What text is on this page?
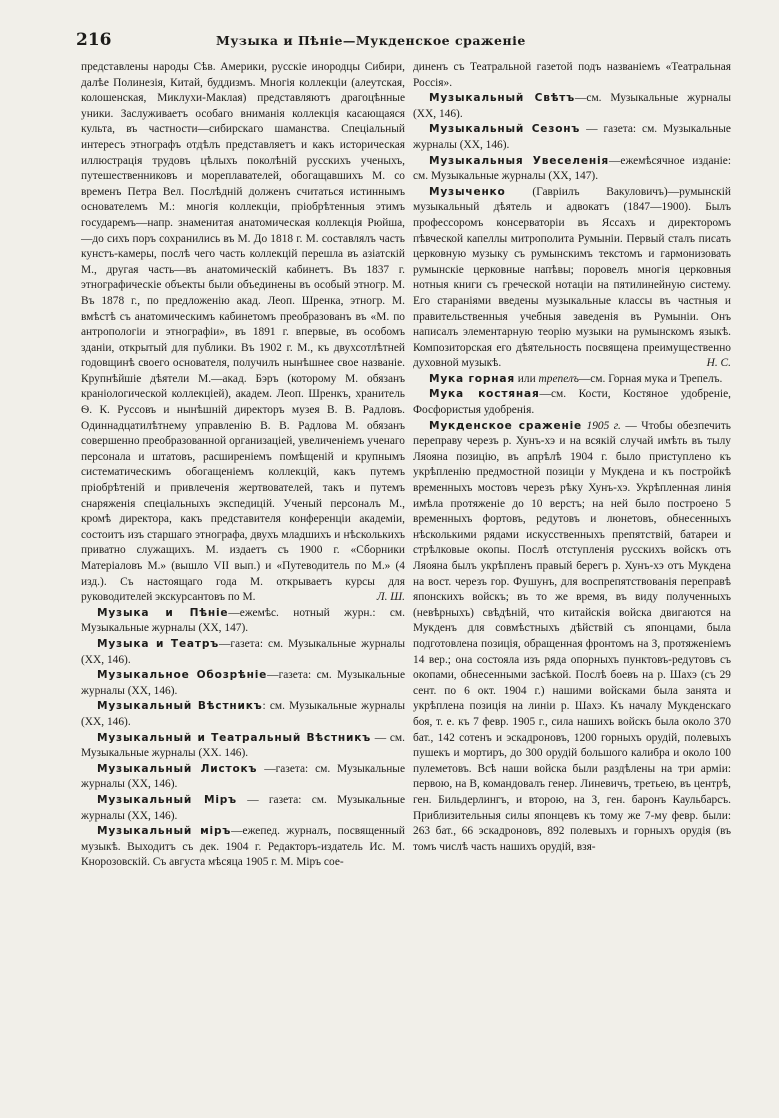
216	Музыка и Пѣніе—Мукденское сраженіе

представлены народы Сѣв. Америки, русскіе инородцы Сибири, далѣе Полинезія, Китай, буддизмъ. Многія коллекціи (алеутская, колошенская, Миклухи-Маклая) представляютъ драгоцѣнные уники. Заслуживаетъ особаго вниманія коллекція касающаяся культа, въ частности—сибирскаго шаманства. Спеціальный интересъ этнографъ отдѣлъ представляетъ и какъ историческая иллюстрація трудовъ цѣлыхъ поколѣній русскихъ ученыхъ, путешественниковъ и мореплавателей, обогащавшихъ М. со временъ Петра Вел. Послѣдній долженъ считаться истиннымъ основателемъ М.: многія коллекціи, пріобрѣтенныя этимъ государемъ—напр. знаменитая анатомическая коллекція Рюйша,—до сихъ поръ сохранились въ М. До 1818 г. М. составлялъ часть кунстъ-камеры, послѣ чего часть коллекцій перешла въ азіатскій М., другая часть—въ анатомическій кабинетъ. Въ 1837 г. этнографическіе объекты были объединены въ особый этногр. М. Въ 1878 г., по предложенію акад. Леоп. Шренка, этногр. М. вмѣстѣ съ анатомическимъ кабинетомъ преобразованъ въ «М. по антропологіи и этнографіи», въ 1891 г. впервые, въ особомъ зданіи, открытый для публики. Въ 1902 г. М., къ двухсотлѣтней годовщинѣ своего основателя, получилъ нынѣшнее свое названіе. Крупнѣйшіе дѣятели М.—акад. Бэръ (которому М. обязанъ краніологической коллекціей), академ. Леоп. Шренкъ, хранитель Ѳ. К. Руссовъ и нынѣшній директоръ музея В. В. Радловъ. Одиннадцатилѣтнему управленію В. В. Радлова М. обязанъ совершенно преобразованной организаціей, увеличеніемъ ученаго персонала и штатовъ, расширеніемъ помѣщеній и крупнымъ систематическимъ обогащеніемъ коллекцій, какъ путемъ пріобрѣтеній и привлеченія жертвователей, такъ и путемъ снаряженія спеціальныхъ экспедицій. Ученый персоналъ М., кромѣ директора, какъ представителя конференціи академіи, состоитъ изъ старшаго этнографа, двухъ младшихъ и нѣсколькихъ приватно служащихъ. М. издаетъ съ 1900 г. «Сборники Матеріаловъ М.» (вышло VII вып.) и «Путеводитель по М.» (4 изд.). Съ настоящаго года М. открываетъ курсы для руководителей экскурсантовъ по М.	Л. Ш.

Музыка и Пѣніе—ежемѣс. нотный журн.: см. Музыкальные журналы (XX, 147).

Музыка и Театръ—газета: см. Музыкальные журналы (XX, 146).

Музыкальное Обозрѣніе—газета: см. Музыкальные журналы (XX, 146).

Музыкальный Вѣстникъ: см. Музыкальные журналы (XX, 146).

Музыкальный и Театральный Вѣстникъ — см. Музыкальные журналы (XX. 146).

Музыкальный Листокъ —газета: см. Музыкальные журналы (XX, 146).

Музыкальный Міръ — газета: см. Музыкальные журналы (XX, 146).

Музыкальный міръ—ежепед. журналъ, посвященный музыкѣ. Выходитъ съ дек. 1904 г. Редакторъ-издатель Ис. М. Кнорозовскій. Съ августа мѣсяца 1905 г. М. Міръ сое-

диненъ съ Театральной газетой подъ названіемъ «Театральная Россія».

Музыкальный Свѣтъ—см. Музыкальные журналы (XX, 146).

Музыкальный Сезонъ — газета: см. Музыкальные журналы (XX, 146).

Музыкальныя Увеселенія—ежемѣсячное изданіе: см. Музыкальные журналы (XX, 147).

Музыченко (Гавріилъ Вакуловичъ)—румынскій музыкальный дѣятель и адвокатъ (1847—1900). Былъ профессоромъ консерваторіи въ Яссахъ и директоромъ пѣвческой капеллы митрополита Румыніи. Первый сталъ писать церковную музыку съ румынскимъ текстомъ и гармонизовать румынскіе церковные напѣвы; поровелъ многія церковныя нотныя книги съ греческой нотаціи на пятилинейную систему. Его стараніями введены музыкальные классы въ частныя и правительственныя учебныя заведенія въ Румыніи. Онъ написалъ элементарную теорію музыки на румынскомъ языкѣ. Композиторская его дѣятельность посвящена преимущественно духовной музыкѣ.	Н. С.

Мука горная или трепелъ—см. Горная мука и Трепелъ.

Мука костяная—см. Кости, Костяное удобреніе, Фосфористыя удобренія.

Мукденское сраженіе 1905 г. — Чтобы обезпечить переправу черезъ р. Хунъ-хэ и на всякій случай имѣть въ тылу Ляояна позицію, въ апрѣлѣ 1904 г. было приступлено къ укрѣпленію предмостной позиціи у Мукдена и къ постройкѣ временныхъ мостовъ черезъ рѣку Хунъ-хэ. Укрѣпленная линія имѣла протяженіе до 10 верстъ; на ней было построено 5 временныхъ фортовъ, редутовъ и люнетовъ, обнесенныхъ нѣсколькими рядами искусственныхъ препятствій, батареи и стрѣлковые окопы. Послѣ отступленія русскихъ войскъ отъ Ляояна былъ укрѣпленъ правый берегъ р. Хунъ-хэ отъ Мукдена на вост. черезъ гор. Фушунъ, для воспрепятствованія переправѣ японскихъ войскъ; въ то же время, въ виду полученныхъ (невѣрныхъ) свѣдѣній, что китайскія войска двигаются на Мукденъ для совмѣстныхъ дѣйствій съ японцами, была подготовлена позиція, обращенная фронтомъ на З, протяженіемъ 14 вер.; она состояла изъ ряда опорныхъ пунктовъ-редутовъ съ окопами, обнесенными засѣкой. Послѣ боевъ на р. Шахэ (съ 29 сент. по 6 окт. 1904 г.) нашими войсками была занята и укрѣплена позиція на линіи р. Шахэ. Къ началу Мукденскаго боя, т. е. къ 7 февр. 1905 г., сила нашихъ войскъ была около 370 бат., 142 сотенъ и эскадроновъ, 1200 горныхъ орудій, полевыхъ пушекъ и мортиръ, до 300 орудій большого калибра и около 100 пулеметовъ. Всѣ наши войска были раздѣлены на три арміи: первою, на В, командовалъ генер. Линевичъ, третьею, въ центрѣ, ген. Бильдерлингъ, и второю, на З, ген. баронъ Каульбарсъ. Приблизительныя силы японцевъ къ тому же 7-му февр. были: 263 бат., 66 эскадроновъ, 892 полевыхъ и горныхъ орудія (въ томъ числѣ часть нашихъ орудій, взя-
